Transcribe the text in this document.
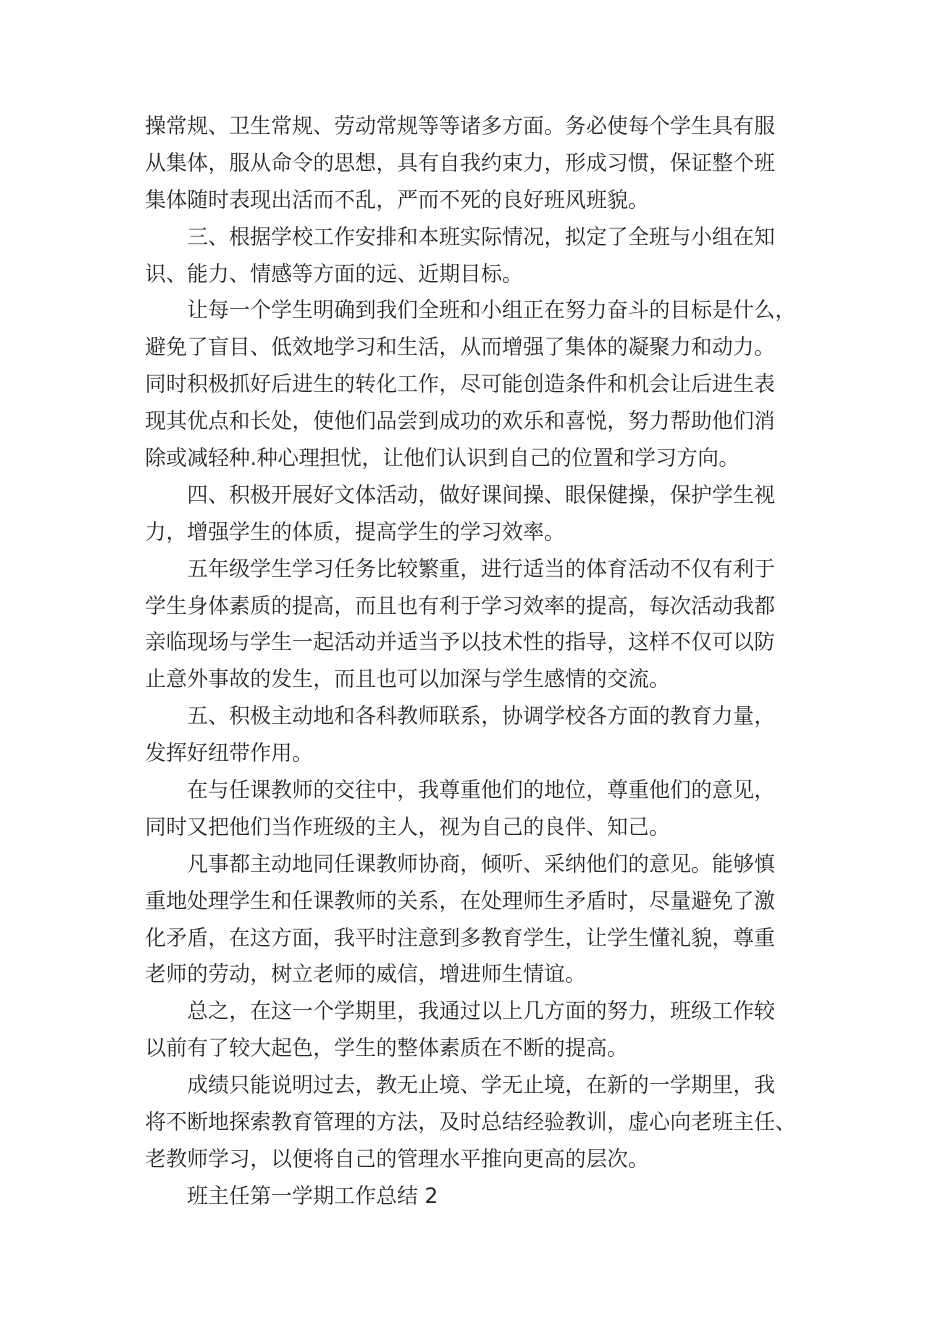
操常规、卫生常规、劳动常规等等诸多方面。务必使每个学生具有服
从集体，服从命令的思想，具有自我约束力，形成习惯，保证整个班
集体随时表现出活而不乱，严而不死的良好班风班貌。
三、根据学校工作安排和本班实际情况，拟定了全班与小组在知
识、能力、情感等方面的远、近期目标。
让每一个学生明确到我们全班和小组正在努力奋斗的目标是什么，
避免了盲目、低效地学习和生活，从而增强了集体的凝聚力和动力。
同时积极抓好后进生的转化工作，尽可能创造条件和机会让后进生表
现其优点和长处，使他们品尝到成功的欢乐和喜悦，努力帮助他们消
除或减轻种.种心理担忧，让他们认识到自己的位置和学习方向。
四、积极开展好文体活动，做好课间操、眼保健操，保护学生视
力，增强学生的体质，提高学生的学习效率。
五年级学生学习任务比较繁重，进行适当的体育活动不仅有利于
学生身体素质的提高，而且也有利于学习效率的提高，每次活动我都
亲临现场与学生一起活动并适当予以技术性的指导，这样不仅可以防
止意外事故的发生，而且也可以加深与学生感情的交流。
五、积极主动地和各科教师联系，协调学校各方面的教育力量，
发挥好纽带作用。
在与任课教师的交往中，我尊重他们的地位，尊重他们的意见，
同时又把他们当作班级的主人，视为自己的良伴、知己。
凡事都主动地同任课教师协商，倾听、采纳他们的意见。能够慎
重地处理学生和任课教师的关系，在处理师生矛盾时，尽量避免了激
化矛盾，在这方面，我平时注意到多教育学生，让学生懂礼貌，尊重
老师的劳动，树立老师的威信，增进师生情谊。
总之，在这一个学期里，我通过以上几方面的努力，班级工作较
以前有了较大起色，学生的整体素质在不断的提高。
成绩只能说明过去，教无止境、学无止境，在新的一学期里，我
将不断地探索教育管理的方法，及时总结经验教训，虚心向老班主任、
老教师学习，以便将自己的管理水平推向更高的层次。
班主任第一学期工作总结 2
